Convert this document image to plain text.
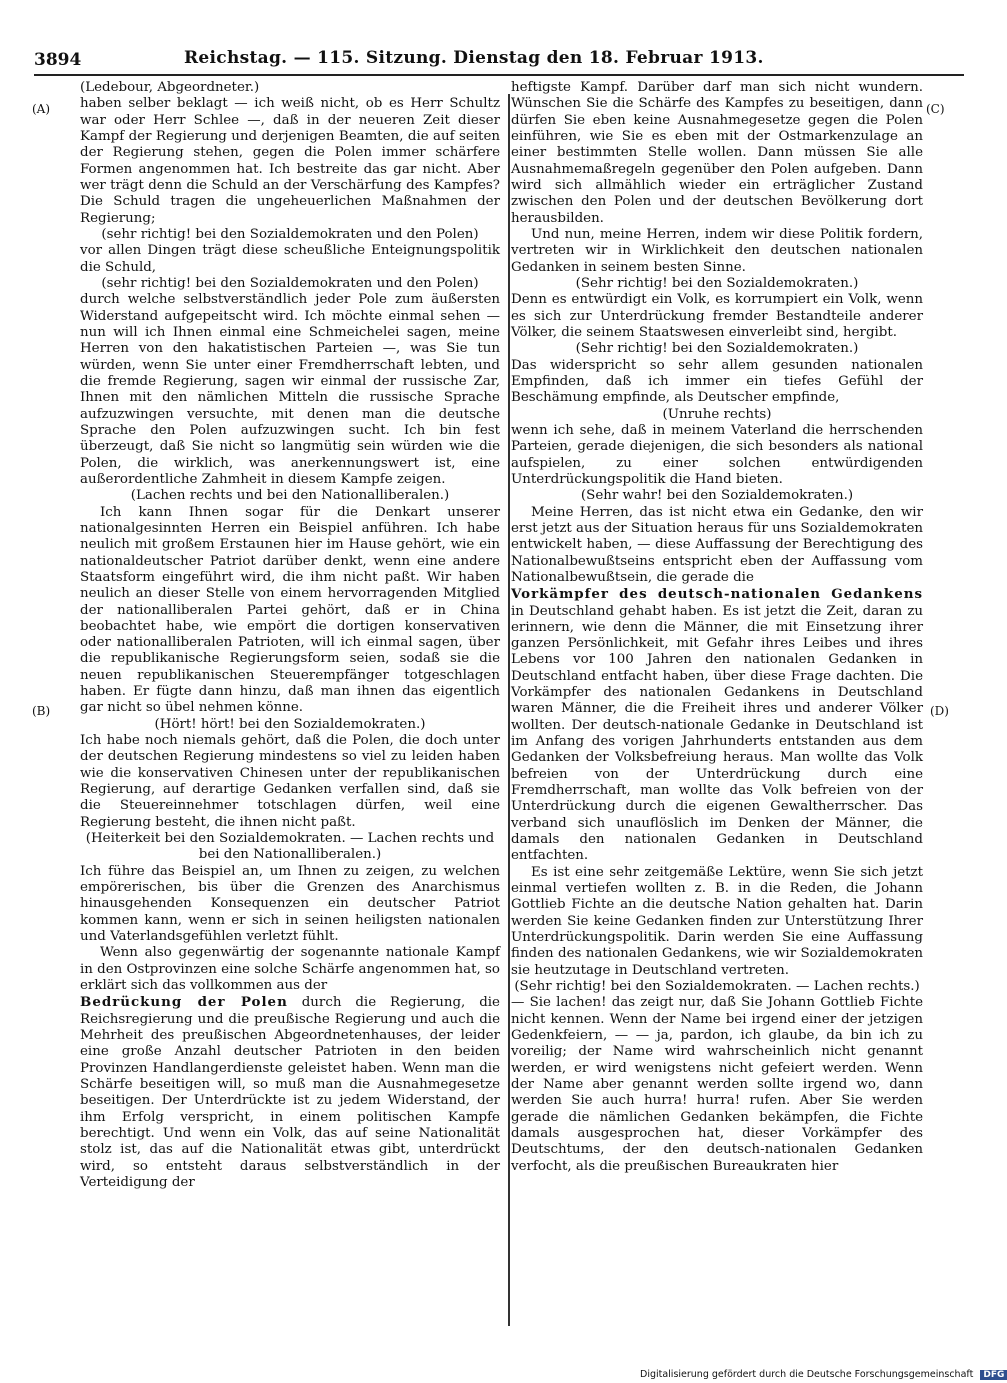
3894	Reichstag. — 115. Sitzung. Dienstag den 18. Februar 1913.
(A)
(B)
(C)
(D)

(Ledebour, Abgeordneter.)

haben selber beklagt — ich weiß nicht, ob es Herr Schultz war oder Herr Schlee —, daß in der neueren Zeit dieser Kampf der Regierung und derjenigen Beamten, die auf seiten der Regierung stehen, gegen die Polen immer schärfere Formen angenommen hat. Ich bestreite das gar nicht. Aber wer trägt denn die Schuld an der Verschärfung des Kampfes? Die Schuld tragen die ungeheuerlichen Maßnahmen der Regierung;

(sehr richtig! bei den Sozialdemokraten und den Polen)

vor allen Dingen trägt diese scheußliche Enteignungspolitik die Schuld,

(sehr richtig! bei den Sozialdemokraten und den Polen)

durch welche selbstverständlich jeder Pole zum äußersten Widerstand aufgepeitscht wird. Ich möchte einmal sehen — nun will ich Ihnen einmal eine Schmeichelei sagen, meine Herren von den hakatistischen Parteien —, was Sie tun würden, wenn Sie unter einer Fremdherrschaft lebten, und die fremde Regierung, sagen wir einmal der russische Zar, Ihnen mit den nämlichen Mitteln die russische Sprache aufzuzwingen versuchte, mit denen man die deutsche Sprache den Polen aufzuzwingen sucht. Ich bin fest überzeugt, daß Sie nicht so langmütig sein würden wie die Polen, die wirklich, was anerkennungswert ist, eine außerordentliche Zahmheit in diesem Kampfe zeigen.

(Lachen rechts und bei den Nationalliberalen.)

Ich kann Ihnen sogar für die Denkart unserer nationalgesinnten Herren ein Beispiel anführen. Ich habe neulich mit großem Erstaunen hier im Hause gehört, wie ein nationaldeutscher Patriot darüber denkt, wenn eine andere Staatsform eingeführt wird, die ihm nicht paßt. Wir haben neulich an dieser Stelle von einem hervorragenden Mitglied der nationalliberalen Partei gehört, daß er in China beobachtet habe, wie empört die dortigen konservativen oder nationalliberalen Patrioten, will ich einmal sagen, über die republikanische Regierungsform seien, sodaß sie die neuen republikanischen Steuerempfänger totgeschlagen haben. Er fügte dann hinzu, daß man ihnen das eigentlich gar nicht so übel nehmen könne.

(Hört! hört! bei den Sozialdemokraten.)

Ich habe noch niemals gehört, daß die Polen, die doch unter der deutschen Regierung mindestens so viel zu leiden haben wie die konservativen Chinesen unter der republikanischen Regierung, auf derartige Gedanken verfallen sind, daß sie die Steuereinnehmer totschlagen dürfen, weil eine Regierung besteht, die ihnen nicht paßt.

(Heiterkeit bei den Sozialdemokraten. — Lachen rechts und bei den Nationalliberalen.)

Ich führe das Beispiel an, um Ihnen zu zeigen, zu welchen empörerischen, bis über die Grenzen des Anarchismus hinausgehenden Konsequenzen ein deutscher Patriot kommen kann, wenn er sich in seinen heiligsten nationalen und Vaterlandsgefühlen verletzt fühlt.

Wenn also gegenwärtig der sogenannte nationale Kampf in den Ostprovinzen eine solche Schärfe angenommen hat, so erklärt sich das vollkommen aus der

Bedrückung der Polen durch die Regierung, die Reichsregierung und die preußische Regierung und auch die Mehrheit des preußischen Abgeordnetenhauses, der leider eine große Anzahl deutscher Patrioten in den beiden Provinzen Handlangerdienste geleistet haben. Wenn man die Schärfe beseitigen will, so muß man die Ausnahmegesetze beseitigen. Der Unterdrückte ist zu jedem Widerstand, der ihm Erfolg verspricht, in einem politischen Kampfe berechtigt. Und wenn ein Volk, das auf seine Nationalität stolz ist, das auf die Nationalität etwas gibt, unterdrückt wird, so entsteht daraus selbstverständlich in der Verteidigung der

heftigste Kampf. Darüber darf man sich nicht wundern. Wünschen Sie die Schärfe des Kampfes zu beseitigen, dann dürfen Sie eben keine Ausnahmegesetze gegen die Polen einführen, wie Sie es eben mit der Ostmarkenzulage an einer bestimmten Stelle wollen. Dann müssen Sie alle Ausnahmemaßregeln gegenüber den Polen aufgeben. Dann wird sich allmählich wieder ein erträglicher Zustand zwischen den Polen und der deutschen Bevölkerung dort herausbilden.

Und nun, meine Herren, indem wir diese Politik fordern, vertreten wir in Wirklichkeit den deutschen nationalen Gedanken in seinem besten Sinne.

(Sehr richtig! bei den Sozialdemokraten.)

Denn es entwürdigt ein Volk, es korrumpiert ein Volk, wenn es sich zur Unterdrückung fremder Bestandteile anderer Völker, die seinem Staatswesen einverleibt sind, hergibt.

(Sehr richtig! bei den Sozialdemokraten.)

Das widerspricht so sehr allem gesunden nationalen Empfinden, daß ich immer ein tiefes Gefühl der Beschämung empfinde, als Deutscher empfinde,

(Unruhe rechts)

wenn ich sehe, daß in meinem Vaterland die herrschenden Parteien, gerade diejenigen, die sich besonders als national aufspielen, zu einer solchen entwürdigenden Unterdrückungspolitik die Hand bieten.

(Sehr wahr! bei den Sozialdemokraten.)

Meine Herren, das ist nicht etwa ein Gedanke, den wir erst jetzt aus der Situation heraus für uns Sozialdemokraten entwickelt haben, — diese Auffassung der Berechtigung des Nationalbewußtseins entspricht eben der Auffassung vom Nationalbewußtsein, die gerade die

Vorkämpfer des deutsch-nationalen Gedankens in Deutschland gehabt haben. Es ist jetzt die Zeit, daran zu erinnern, wie denn die Männer, die mit Einsetzung ihrer ganzen Persönlichkeit, mit Gefahr ihres Leibes und ihres Lebens vor 100 Jahren den nationalen Gedanken in Deutschland entfacht haben, über diese Frage dachten. Die Vorkämpfer des nationalen Gedankens in Deutschland waren Männer, die die Freiheit ihres und anderer Völker wollten. Der deutsch-nationale Gedanke in Deutschland ist im Anfang des vorigen Jahrhunderts entstanden aus dem Gedanken der Volksbefreiung heraus. Man wollte das Volk befreien von der Unterdrückung durch eine Fremdherrschaft, man wollte das Volk befreien von der Unterdrückung durch die eigenen Gewaltherrscher. Das verband sich unauflöslich im Denken der Männer, die damals den nationalen Gedanken in Deutschland entfachten.

Es ist eine sehr zeitgemäße Lektüre, wenn Sie sich jetzt einmal vertiefen wollten z. B. in die Reden, die Johann Gottlieb Fichte an die deutsche Nation gehalten hat. Darin werden Sie keine Gedanken finden zur Unterstützung Ihrer Unterdrückungspolitik. Darin werden Sie eine Auffassung finden des nationalen Gedankens, wie wir Sozialdemokraten sie heutzutage in Deutschland vertreten.

(Sehr richtig! bei den Sozialdemokraten. — Lachen rechts.)

— Sie lachen! das zeigt nur, daß Sie Johann Gottlieb Fichte nicht kennen. Wenn der Name bei irgend einer der jetzigen Gedenkfeiern, — — ja, pardon, ich glaube, da bin ich zu voreilig; der Name wird wahrscheinlich nicht genannt werden, er wird wenigstens nicht gefeiert werden. Wenn der Name aber genannt werden sollte irgend wo, dann werden Sie auch hurra! hurra! rufen. Aber Sie werden gerade die nämlichen Gedanken bekämpfen, die Fichte damals ausgesprochen hat, dieser Vorkämpfer des Deutschtums, der den deutsch-nationalen Gedanken verfocht, als die preußischen Bureaukraten hier

Digitalisierung gefördert durch die Deutsche Forschungsgemeinschaft DFG
